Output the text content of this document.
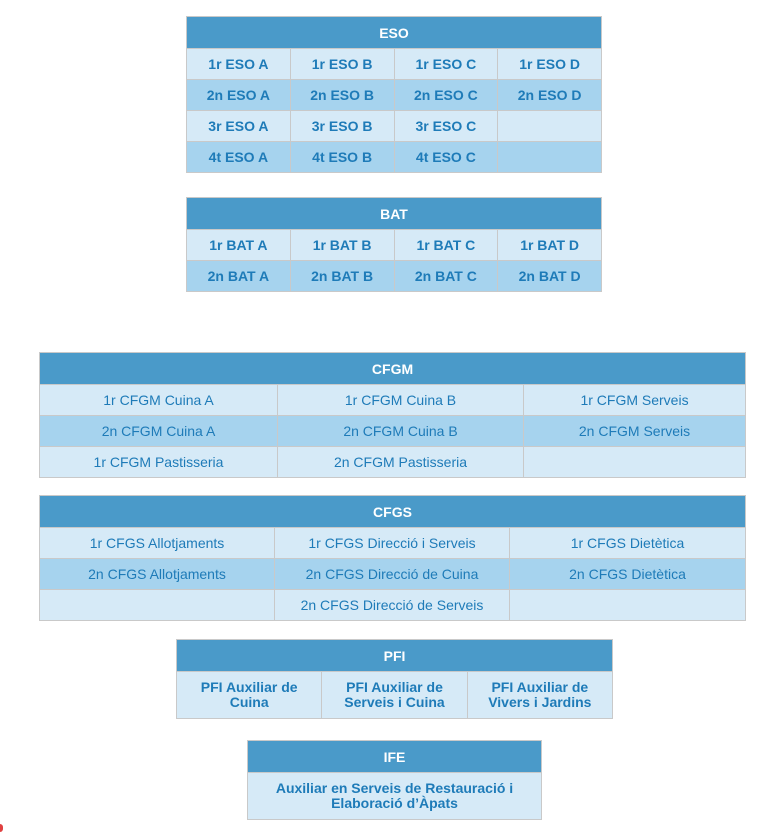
ESO			
1r ESO A	1r ESO B	1r ESO C	1r ESO D
2n ESO A	2n ESO B	2n ESO C	2n ESO D
3r ESO A	3r ESO B	3r ESO C	
4t ESO A	4t ESO B	4t ESO C	
BAT			
1r BAT A	1r BAT B	1r BAT C	1r BAT D
2n BAT A	2n BAT B	2n BAT C	2n BAT D
CFGM		
1r CFGM Cuina A	1r CFGM Cuina B	1r CFGM Serveis
2n CFGM Cuina A	2n CFGM Cuina B	2n CFGM Serveis
1r CFGM Pastisseria	2n CFGM Pastisseria	
CFGS		
1r CFGS Allotjaments	1r CFGS Direcció i Serveis	1r CFGS Dietètica
2n CFGS Allotjaments	2n CFGS Direcció de Cuina	2n CFGS Dietètica
	2n CFGS Direcció de Serveis	
PFI
PFI Auxiliar de Cuina	PFI Auxiliar de Serveis i Cuina	PFI Auxiliar de Vivers i Jardins
IFE
Auxiliar en Serveis de Restauració i Elaboració d’Àpats
